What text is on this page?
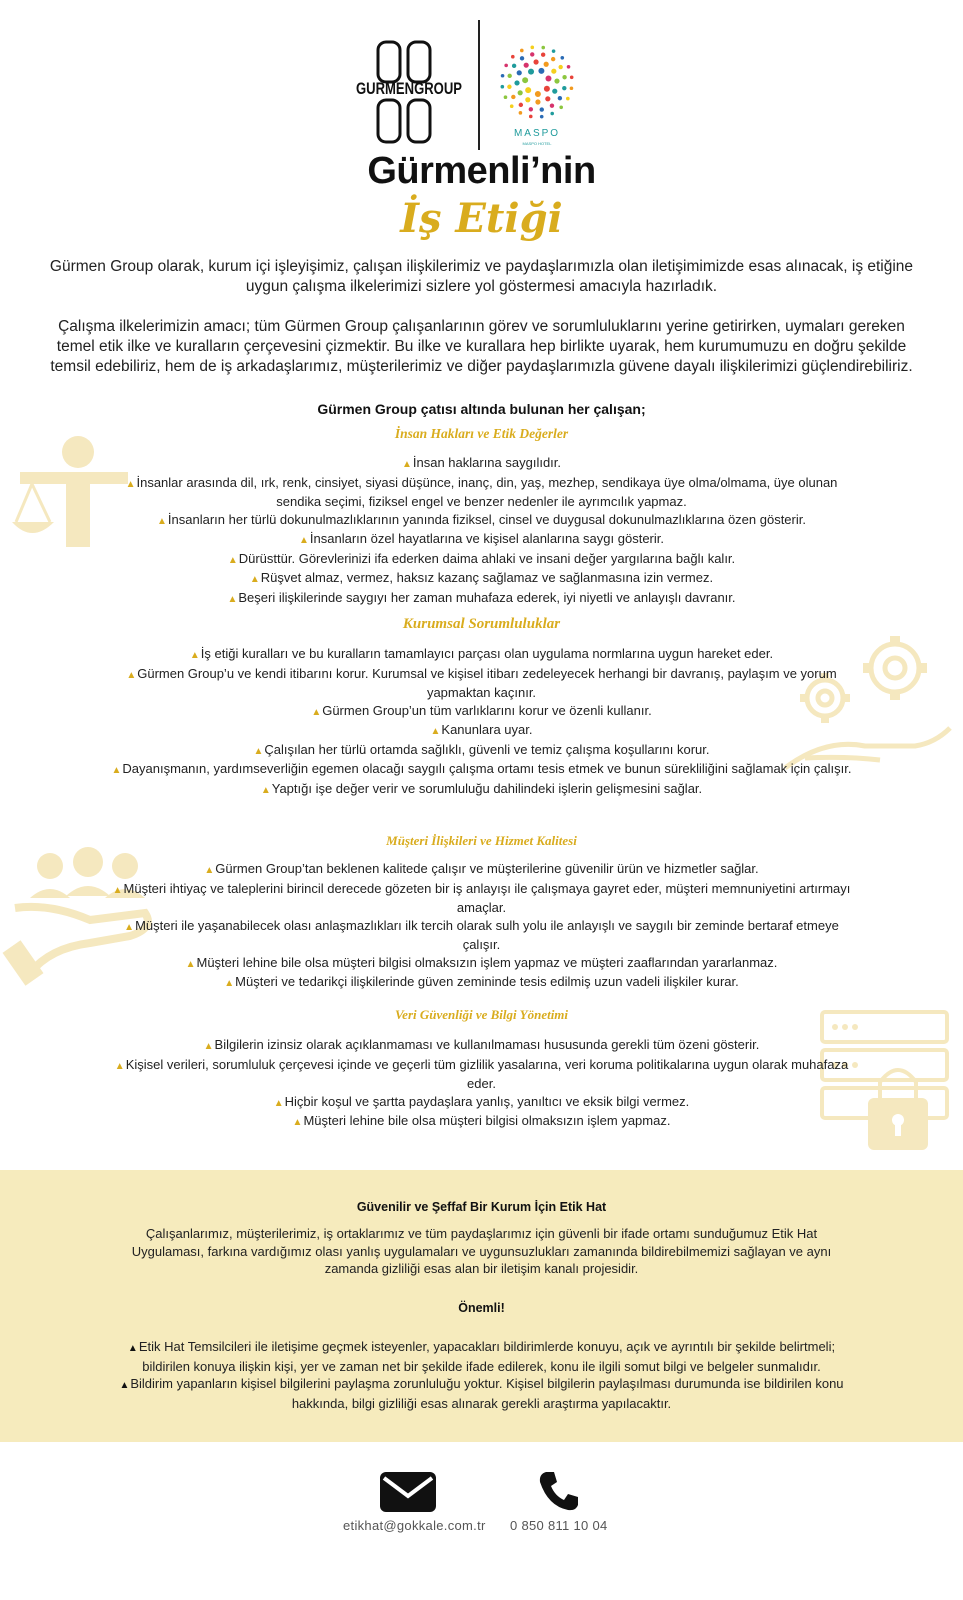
GURMENGROUP
MASPO
MASPO HOTEL
Gürmenli’nin
İş Etiği
Gürmen Group olarak, kurum içi işleyişimiz, çalışan ilişkilerimiz ve paydaşlarımızla olan iletişimimizde esas alınacak, iş etiğine uygun çalışma ilkelerimizi sizlere yol göstermesi amacıyla hazırladık.
Çalışma ilkelerimizin amacı; tüm Gürmen Group çalışanlarının görev ve sorumluluklarını yerine getirirken, uymaları gereken temel etik ilke ve kuralların çerçevesini çizmektir. Bu ilke ve kurallara hep birlikte uyarak, hem kurumumuzu en doğru şekilde temsil edebiliriz, hem de iş arkadaşlarımız, müşterilerimiz ve diğer paydaşlarımızla güvene dayalı ilişkilerimizi güçlendirebiliriz.
Gürmen Group çatısı altında bulunan her çalışan;
İnsan Hakları ve Etik Değerler

▲İnsan haklarına saygılıdır.

▲İnsanlar arasında dil, ırk, renk, cinsiyet, siyasi düşünce, inanç, din, yaş, mezhep, sendikaya üye olma/olmama, üye olunan sendika seçimi, fiziksel engel ve benzer nedenler ile ayrımcılık yapmaz.

▲İnsanların her türlü dokunulmazlıklarının yanında fiziksel, cinsel ve duygusal dokunulmazlıklarına özen gösterir.

▲İnsanların özel hayatlarına ve kişisel alanlarına saygı gösterir.

▲Dürüsttür. Görevlerinizi ifa ederken daima ahlaki ve insani değer yargılarına bağlı kalır.

▲Rüşvet almaz, vermez, haksız kazanç sağlamaz ve sağlanmasına izin vermez.

▲Beşeri ilişkilerinde saygıyı her zaman muhafaza ederek, iyi niyetli ve anlayışlı davranır.

Kurumsal Sorumluluklar

▲İş etiği kuralları ve bu kuralların tamamlayıcı parçası olan uygulama normlarına uygun hareket eder.

▲Gürmen Group’u ve kendi itibarını korur. Kurumsal ve kişisel itibarı zedeleyecek herhangi bir davranış, paylaşım ve yorum yapmaktan kaçınır.

▲Gürmen Group’un tüm varlıklarını korur ve özenli kullanır.

▲Kanunlara uyar.

▲Çalışılan her türlü ortamda sağlıklı, güvenli ve temiz çalışma koşullarını korur.

▲Dayanışmanın, yardımseverliğin egemen olacağı saygılı çalışma ortamı tesis etmek ve bunun sürekliliğini sağlamak için çalışır.

▲Yaptığı işe değer verir ve sorumluluğu dahilindeki işlerin gelişmesini sağlar.

Müşteri İlişkileri ve Hizmet Kalitesi

▲Gürmen Group’tan beklenen kalitede çalışır ve müşterilerine güvenilir ürün ve hizmetler sağlar.

▲Müşteri ihtiyaç ve taleplerini birincil derecede gözeten bir iş anlayışı ile çalışmaya gayret eder, müşteri memnuniyetini artırmayı amaçlar.

▲Müşteri ile yaşanabilecek olası anlaşmazlıkları ilk tercih olarak sulh yolu ile anlayışlı ve saygılı bir zeminde bertaraf etmeye çalışır.

▲Müşteri lehine bile olsa müşteri bilgisi olmaksızın işlem yapmaz ve müşteri zaaflarından yararlanmaz.

▲Müşteri ve tedarikçi ilişkilerinde güven zemininde tesis edilmiş uzun vadeli ilişkiler kurar.

Veri Güvenliği ve Bilgi Yönetimi

▲Bilgilerin izinsiz olarak açıklanmaması ve kullanılmaması hususunda gerekli tüm özeni gösterir.

▲Kişisel verileri, sorumluluk çerçevesi içinde ve geçerli tüm gizlilik yasalarına, veri koruma politikalarına uygun olarak muhafaza eder.

▲Hiçbir koşul ve şartta paydaşlara yanlış, yanıltıcı ve eksik bilgi vermez.

▲Müşteri lehine bile olsa müşteri bilgisi olmaksızın işlem yapmaz.

Güvenilir ve Şeffaf Bir Kurum İçin Etik Hat
Çalışanlarımız, müşterilerimiz, iş ortaklarımız ve tüm paydaşlarımız için güvenli bir ifade ortamı sunduğumuz Etik Hat Uygulaması, farkına vardığımız olası yanlış uygulamaları ve uygunsuzlukları zamanında bildirebilmemizi sağlayan ve aynı zamanda gizliliği esas alan bir iletişim kanalı projesidir.
Önemli!

▲Etik Hat Temsilcileri ile iletişime geçmek isteyenler, yapacakları bildirimlerde konuyu, açık ve ayrıntılı bir şekilde belirtmeli; bildirilen konuya ilişkin kişi, yer ve zaman net bir şekilde ifade edilerek, konu ile ilgili somut bilgi ve belgeler sunmalıdır.

▲Bildirim yapanların kişisel bilgilerini paylaşma zorunluluğu yoktur. Kişisel bilgilerin paylaşılması durumunda ise bildirilen konu hakkında, bilgi gizliliği esas alınarak gerekli araştırma yapılacaktır.

etikhat@gokkale.com.tr 0 850 811 10 04
